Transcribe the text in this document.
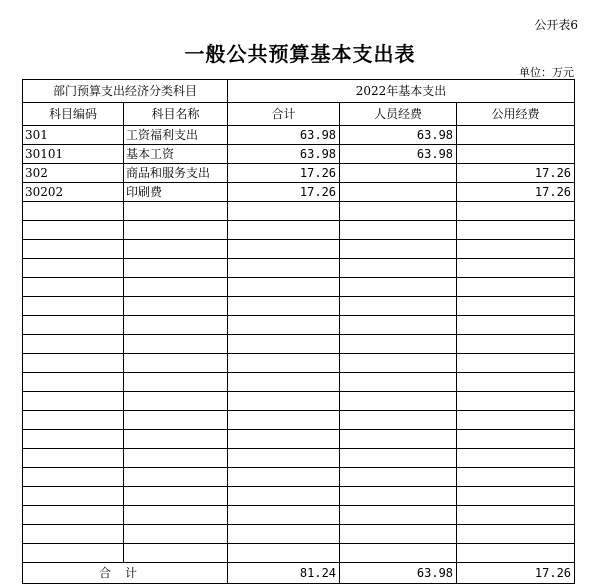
公开表6
一般公共预算基本支出表
单位：万元
部门预算支出经济分类科目		2022年基本支出		
科目编码	科目名称	合计	人员经费	公用经费
301	工资福利支出	63.98	63.98	
30101	基本工资	63.98	63.98	
302	商品和服务支出	17.26		17.26
30202	印刷费	17.26		17.26

合计		81.24	63.98	17.26
